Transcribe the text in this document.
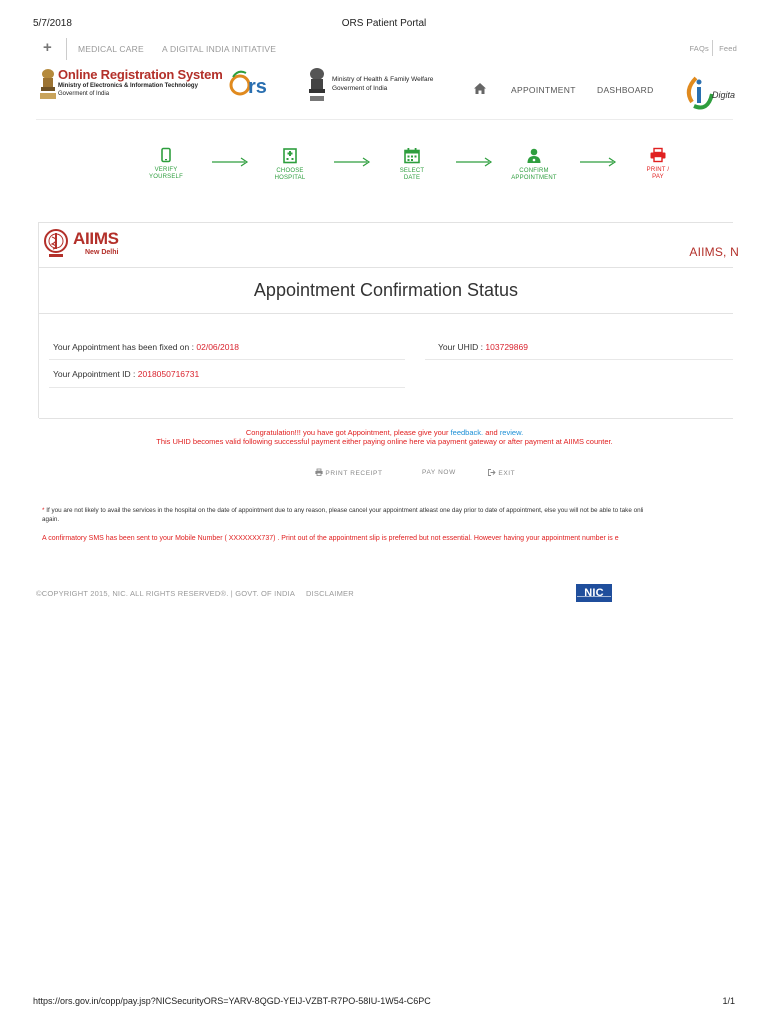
5/7/2018	ORS Patient Portal
+	MEDICAL CARE A DIGITAL INDIA INITIATIVE	FAQs Feed
Online Registration System
Ministry of Electronics & Information Technology
Goverment of India	rs	Ministry of Health & Family Welfare
Goverment of India	APPOINTMENT	DASHBOARD	Digita
VERIFY
YOURSELF
CHOOSE
HOSPITAL
SELECT
DATE
CONFIRM
APPOINTMENT
PRINT /
PAY
AIIMS
New Delhi	AIIMS, N
Appointment Confirmation Status
Your Appointment has been fixed on : 02/06/2018
Your Appointment ID : 2018050716731
Your UHID : 103729869
Congratulation!!! you have got Appointment, please give your feedback. and review.
This UHID becomes valid following successful payment either paying online here via payment gateway or after payment at AIIMS counter.
PRINT RECEIPT	PAY NOW	EXIT
* If you are not likely to avail the services in the hospital on the date of appointment due to any reason, please cancel your appointment atleast one day prior to date of appointment, else you will not be able to take onli
again.
A confirmatory SMS has been sent to your Mobile Number ( XXXXXXX737) . Print out of the appointment slip is preferred but not essential. However having your appointment number is e
©COPYRIGHT 2015, NIC. ALL RIGHTS RESERVED®. | GOVT. OF INDIA DISCLAIMER	NIC
https://ors.gov.in/copp/pay.jsp?NICSecurityORS=YARV-8QGD-YEIJ-VZBT-R7PO-58IU-1W54-C6PC	1/1
